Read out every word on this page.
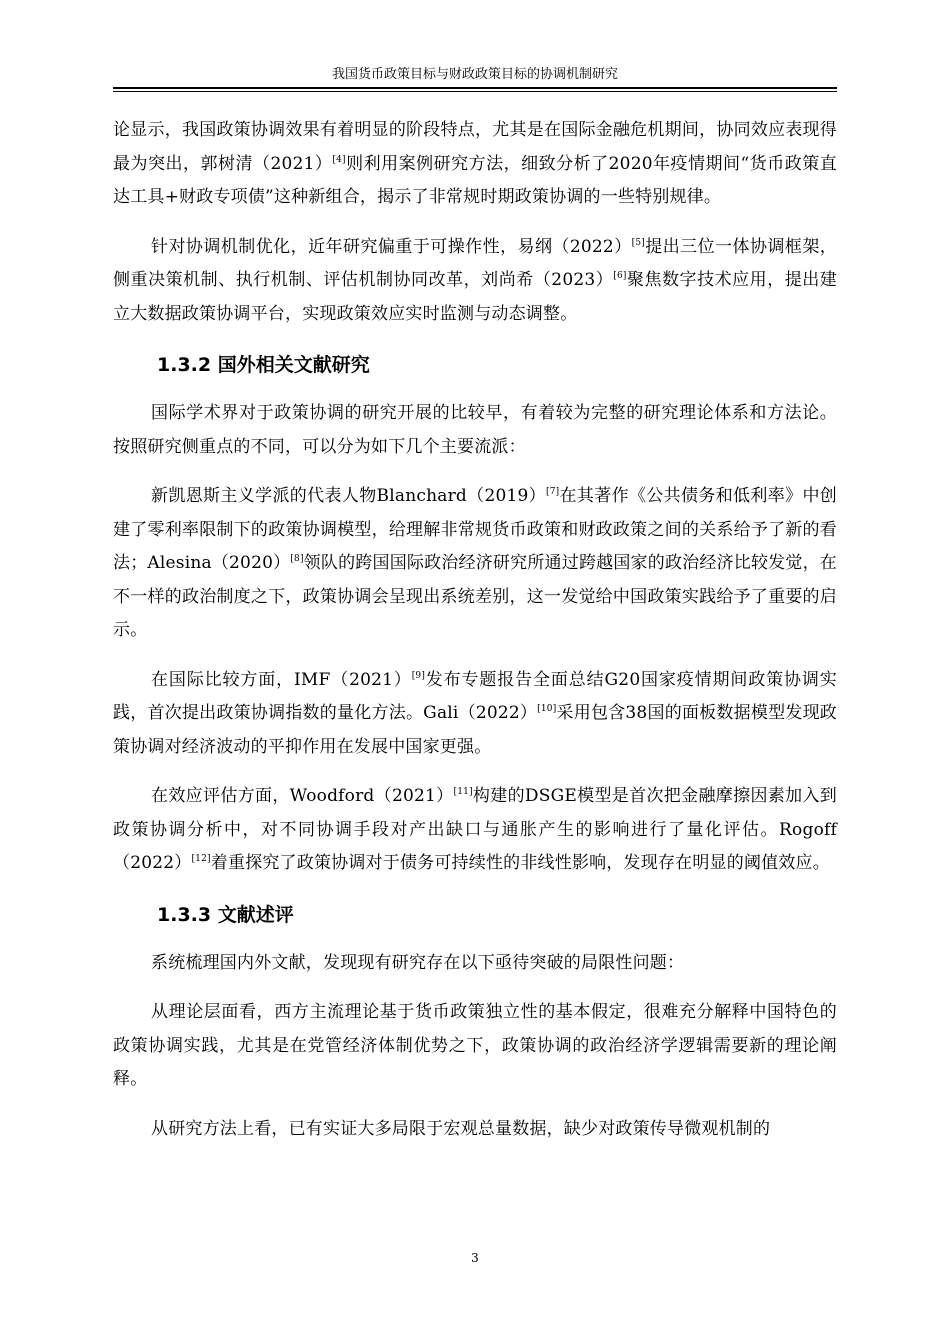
我国货币政策目标与财政政策目标的协调机制研究

论显示，我国政策协调效果有着明显的阶段特点，尤其是在国际金融危机期间，协同效应表现得最为突出，郭树清（2021）[4]则利用案例研究方法，细致分析了2020年疫情期间“货币政策直达工具+财政专项债”这种新组合，揭示了非常规时期政策协调的一些特别规律。

针对协调机制优化，近年研究偏重于可操作性，易纲（2022）[5]提出三位一体协调框架，侧重决策机制、执行机制、评估机制协同改革，刘尚希（2023）[6]聚焦数字技术应用，提出建立大数据政策协调平台，实现政策效应实时监测与动态调整。

1.3.2 国外相关文献研究

国际学术界对于政策协调的研究开展的比较早，有着较为完整的研究理论体系和方法论。按照研究侧重点的不同，可以分为如下几个主要流派：

新凯恩斯主义学派的代表人物Blanchard（2019）[7]在其著作《公共债务和低利率》中创建了零利率限制下的政策协调模型，给理解非常规货币政策和财政政策之间的关系给予了新的看法；Alesina（2020）[8]领队的跨国国际政治经济研究所通过跨越国家的政治经济比较发觉，在不一样的政治制度之下，政策协调会呈现出系统差别，这一发觉给中国政策实践给予了重要的启示。

在国际比较方面，IMF（2021）[9]发布专题报告全面总结G20国家疫情期间政策协调实践，首次提出政策协调指数的量化方法。Gali（2022）[10]采用包含38国的面板数据模型发现政策协调对经济波动的平抑作用在发展中国家更强。

在效应评估方面，Woodford（2021）[11]构建的DSGE模型是首次把金融摩擦因素加入到政策协调分析中，对不同协调手段对产出缺口与通胀产生的影响进行了量化评估。Rogoff（2022）[12]着重探究了政策协调对于债务可持续性的非线性影响，发现存在明显的阈值效应。

1.3.3 文献述评

系统梳理国内外文献，发现现有研究存在以下亟待突破的局限性问题：

从理论层面看，西方主流理论基于货币政策独立性的基本假定，很难充分解释中国特色的政策协调实践，尤其是在党管经济体制优势之下，政策协调的政治经济学逻辑需要新的理论阐释。

从研究方法上看，已有实证大多局限于宏观总量数据，缺少对政策传导微观机制的

3
